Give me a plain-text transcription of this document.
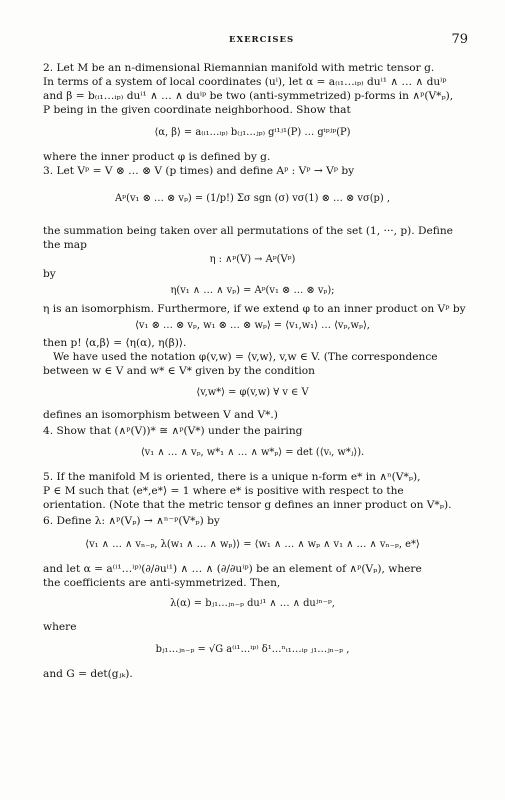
EXERCISES	79
2. Let M be an n-dimensional Riemannian manifold with metric tensor g.
In terms of a system of local coordinates (uⁱ), let α = a₍ᵢ₁…ᵢₚ₎ duⁱ¹ ∧ … ∧ duⁱᵖ
and β = b₍ᵢ₁…ᵢₚ₎ duⁱ¹ ∧ … ∧ duⁱᵖ be two (anti-symmetrized) p-forms in ∧ᵖ(V*ₚ),
P being in the given coordinate neighborhood. Show that
⟨α, β⟩ = a₍ᵢ₁…ᵢₚ₎ b₍ⱼ₁…ⱼₚ₎ gⁱ¹ʲ¹(P) … gⁱᵖʲᵖ(P)
where the inner product φ is defined by g.
3. Let Vᵖ = V ⊗ … ⊗ V (p times) and define Aᵖ : Vᵖ → Vᵖ by
Aᵖ(v₁ ⊗ … ⊗ vₚ) = (1/p!) Σσ sgn (σ) vσ(1) ⊗ … ⊗ vσ(p) ,
the summation being taken over all permutations of the set (1, ···, p). Define
the map
η : ∧ᵖ(V) → Aᵖ(Vᵖ)
by
η(v₁ ∧ … ∧ vₚ) = Aᵖ(v₁ ⊗ … ⊗ vₚ);
η is an isomorphism. Furthermore, if we extend φ to an inner product on Vᵖ by
⟨v₁ ⊗ … ⊗ vₚ, w₁ ⊗ … ⊗ wₚ⟩ = ⟨v₁,w₁⟩ … ⟨vₚ,wₚ⟩,
then p! ⟨α,β⟩ = ⟨η(α), η(β)⟩.
We have used the notation φ(v,w) = ⟨v,w⟩, v,w ∈ V. (The correspondence
between w ∈ V and w* ∈ V* given by the condition
⟨v,w*⟩ = φ(v,w) ∀ v ∈ V
defines an isomorphism between V and V*.)
4. Show that (∧ᵖ(V))* ≅ ∧ᵖ(V*) under the pairing
⟨v₁ ∧ … ∧ vₚ, w*₁ ∧ … ∧ w*ₚ⟩ = det (⟨vᵢ, w*ⱼ⟩).
5. If the manifold M is oriented, there is a unique n-form e* in ∧ⁿ(V*ₚ),
P ∈ M such that ⟨e*,e*⟩ = 1 where e* is positive with respect to the
orientation. (Note that the metric tensor g defines an inner product on V*ₚ).
6. Define λ: ∧ᵖ(Vₚ) → ∧ⁿ⁻ᵖ(V*ₚ) by
⟨v₁ ∧ … ∧ vₙ₋ₚ, λ(w₁ ∧ … ∧ wₚ)⟩ = ⟨w₁ ∧ … ∧ wₚ ∧ v₁ ∧ … ∧ vₙ₋ₚ, e*⟩
and let α = a⁽ⁱ¹…ⁱᵖ⁾(∂/∂uⁱ¹) ∧ … ∧ (∂/∂uⁱᵖ) be an element of ∧ᵖ(Vₚ), where
the coefficients are anti-symmetrized. Then,
λ(α) = bⱼ₁…ⱼₙ₋ₚ duʲ¹ ∧ … ∧ duʲⁿ⁻ᵖ,
where
bⱼ₁…ⱼₙ₋ₚ = √G a⁽ⁱ¹…ⁱᵖ⁾ δ¹…ⁿᵢ₁…ᵢₚ ⱼ₁…ⱼₙ₋ₚ ,
and G = det(gⱼₖ).
